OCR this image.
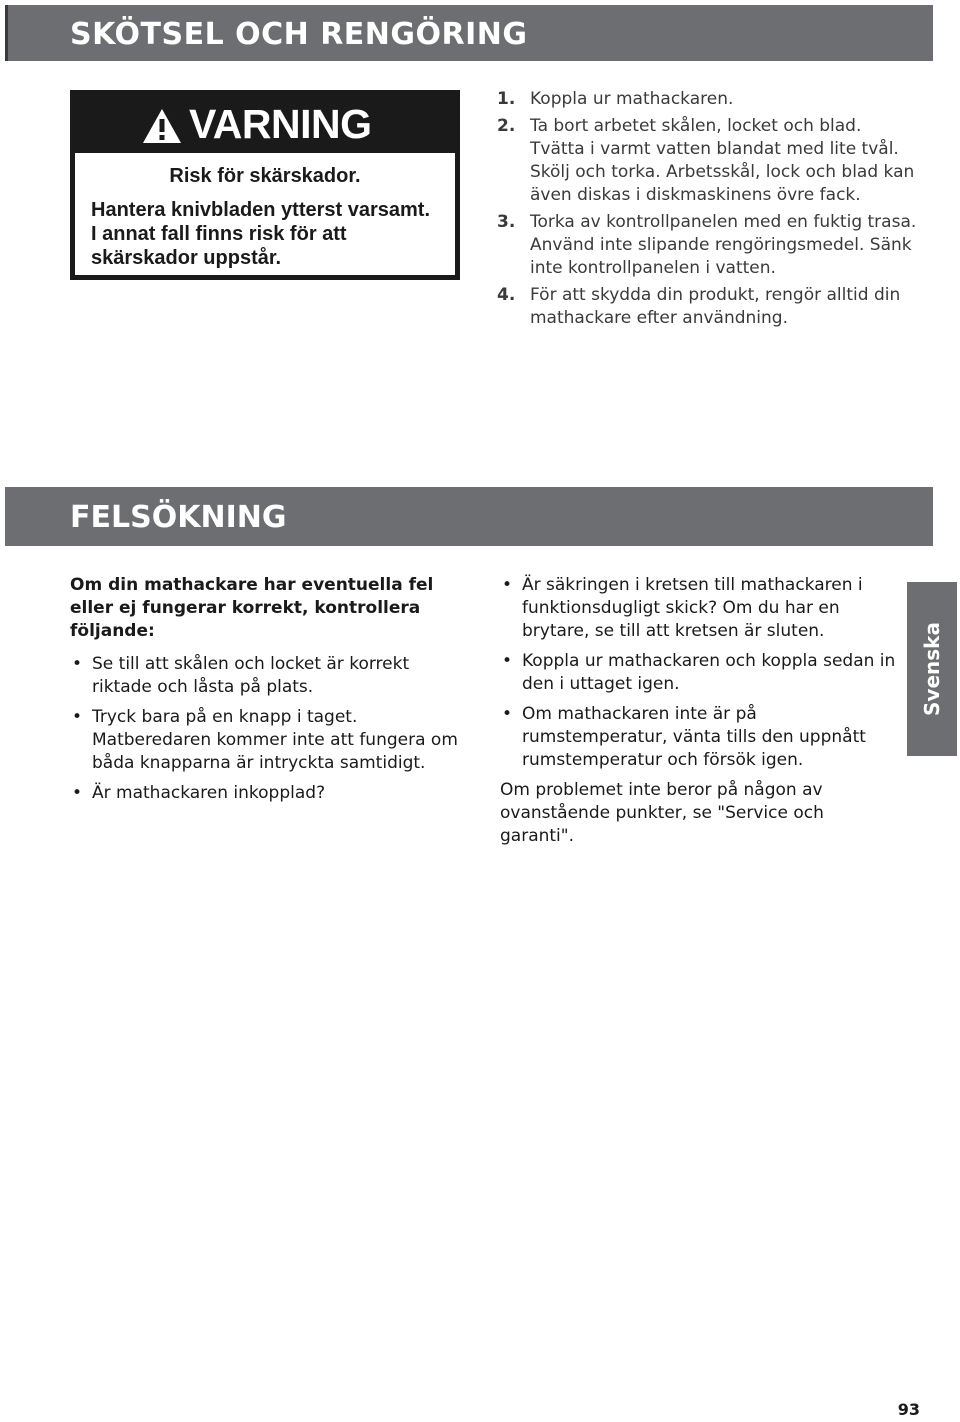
SKÖTSEL OCH RENGÖRING
VARNING

Risk för skärskador.

Hantera knivbladen ytterst varsamt.
I annat fall finns risk för att
skärskador uppstår.

1. Koppla ur mathackaren.
2. Ta bort arbetet skålen, locket och blad. Tvätta i varmt vatten blandat med lite tvål. Skölj och torka. Arbetsskål, lock och blad kan även diskas i diskmaskinens övre fack.
3. Torka av kontrollpanelen med en fuktig trasa. Använd inte slipande rengöringsmedel. Sänk inte kontrollpanelen i vatten.
4. För att skydda din produkt, rengör alltid din mathackare efter användning.
FELSÖKNING

Om din mathackare har eventuella fel eller ej fungerar korrekt, kontrollera följande:

• Se till att skålen och locket är korrekt riktade och låsta på plats.
• Tryck bara på en knapp i taget. Matberedaren kommer inte att fungera om båda knapparna är intryckta samtidigt.
• Är mathackaren inkopplad?
• Är säkringen i kretsen till mathackaren i funktionsdugligt skick? Om du har en brytare, se till att kretsen är sluten.
• Koppla ur mathackaren och koppla sedan in den i uttaget igen.
• Om mathackaren inte är på rumstemperatur, vänta tills den uppnått rumstemperatur och försök igen.

Om problemet inte beror på någon av ovanstående punkter, se "Service och garanti".

Svenska

93
